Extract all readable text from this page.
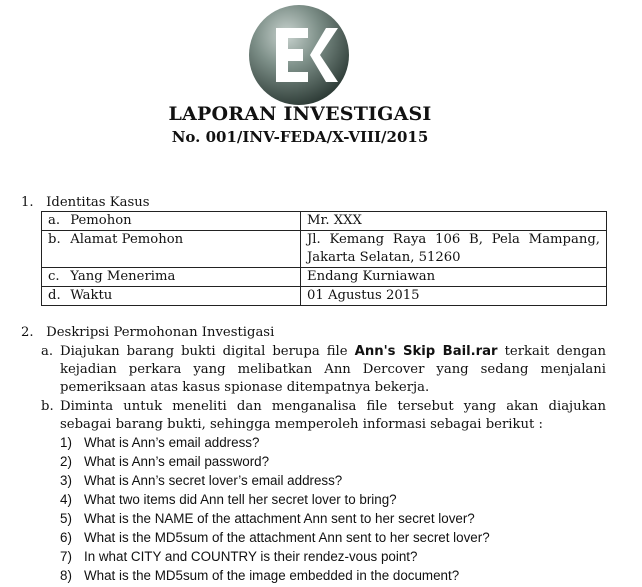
LAPORAN INVESTIGASI
No. 001/INV-FEDA/X-VIII/2015
1. Identitas Kasus
a. Pemohon	Mr. XXX
b. Alamat Pemohon	Jl. Kemang Raya 106 B, Pela Mampang,
Jakarta Selatan, 51260

c. Yang Menerima	Endang Kurniawan
d. Waktu	01 Agustus 2015
2. Deskripsi Permohonan Investigasi
a. Diajukan barang bukti digital berupa file Ann's Skip Bail.rar terkait dengan kejadian perkara yang melibatkan Ann Dercover yang sedang menjalani pemeriksaan atas kasus spionase ditempatnya bekerja.
b. Diminta untuk meneliti dan menganalisa file tersebut yang akan diajukan sebagai barang bukti, sehingga memperoleh informasi sebagai berikut :
1) What is Ann’s email address?
2) What is Ann’s email password?
3) What is Ann’s secret lover’s email address?
4) What two items did Ann tell her secret lover to bring?
5) What is the NAME of the attachment Ann sent to her secret lover?
6) What is the MD5sum of the attachment Ann sent to her secret lover?
7) In what CITY and COUNTRY is their rendez-vous point?
8) What is the MD5sum of the image embedded in the document?
